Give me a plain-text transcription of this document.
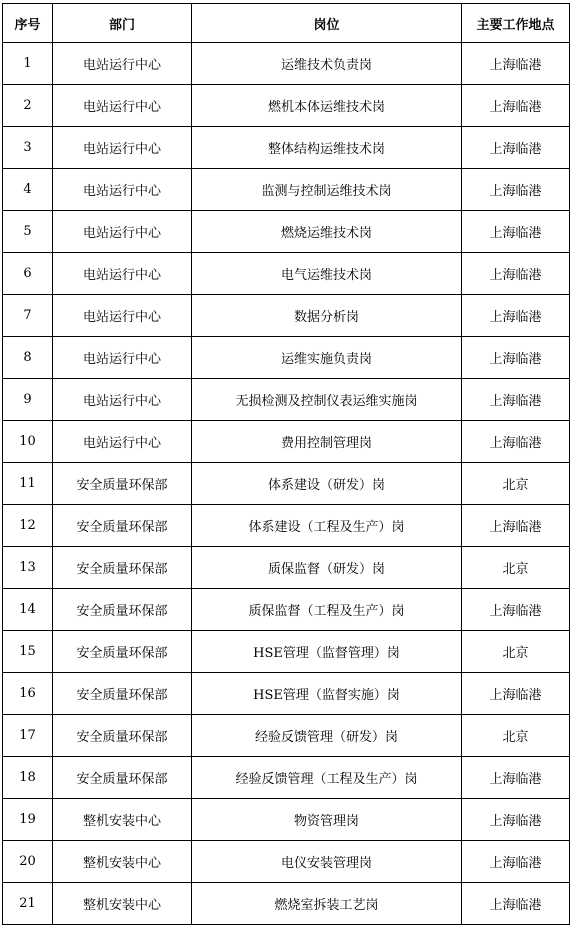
序号	部门	岗位	主要工作地点
1	电站运行中心	运维技术负责岗	上海临港
2	电站运行中心	燃机本体运维技术岗	上海临港
3	电站运行中心	整体结构运维技术岗	上海临港
4	电站运行中心	监测与控制运维技术岗	上海临港
5	电站运行中心	燃烧运维技术岗	上海临港
6	电站运行中心	电气运维技术岗	上海临港
7	电站运行中心	数据分析岗	上海临港
8	电站运行中心	运维实施负责岗	上海临港
9	电站运行中心	无损检测及控制仪表运维实施岗	上海临港
10	电站运行中心	费用控制管理岗	上海临港
11	安全质量环保部	体系建设（研发）岗	北京
12	安全质量环保部	体系建设（工程及生产）岗	上海临港
13	安全质量环保部	质保监督（研发）岗	北京
14	安全质量环保部	质保监督（工程及生产）岗	上海临港
15	安全质量环保部	HSE管理（监督管理）岗	北京
16	安全质量环保部	HSE管理（监督实施）岗	上海临港
17	安全质量环保部	经验反馈管理（研发）岗	北京
18	安全质量环保部	经验反馈管理（工程及生产）岗	上海临港
19	整机安装中心	物资管理岗	上海临港
20	整机安装中心	电仪安装管理岗	上海临港
21	整机安装中心	燃烧室拆装工艺岗	上海临港
